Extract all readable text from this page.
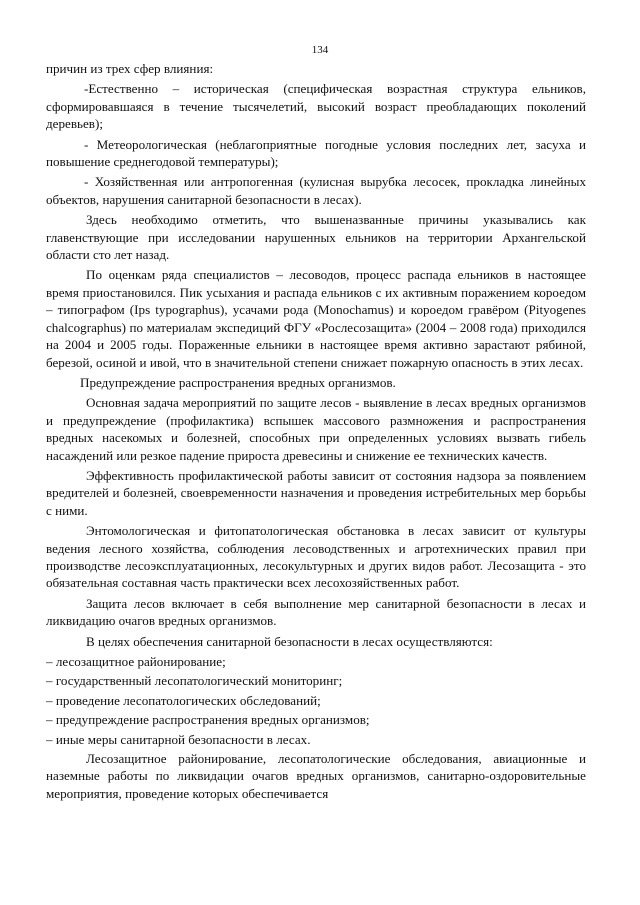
134

причин из трех сфер влияния:

-Естественно – историческая (специфическая возрастная структура ельников, сформировавшаяся в течение тысячелетий, высокий возраст преобладающих поколений деревьев);

- Метеорологическая (неблагоприятные погодные условия последних лет, засуха и повышение среднегодовой температуры);

- Хозяйственная или антропогенная (кулисная вырубка лесосек, прокладка линейных объектов, нарушения санитарной безопасности в лесах).

Здесь необходимо отметить, что вышеназванные причины указывались как главенствующие при исследовании нарушенных ельников на территории Архангельской области сто лет назад.

По оценкам ряда специалистов – лесоводов, процесс распада ельников в настоящее время приостановился. Пик усыхания и распада ельников с их активным поражением короедом – типографом (Ips typographus), усачами рода (Monochamus) и короедом гравёром (Pityogenes chalcographus) по материалам экспедиций ФГУ «Рослесозащита» (2004 – 2008 года) приходился на 2004 и 2005 годы. Пораженные ельники в настоящее время активно зарастают рябиной, березой, осиной и ивой, что в значительной степени снижает пожарную опасность в этих лесах.

Предупреждение распространения вредных организмов.

Основная задача мероприятий по защите лесов - выявление в лесах вредных организмов и предупреждение (профилактика) вспышек массового размножения и распространения вредных насекомых и болезней, способных при определенных условиях вызвать гибель насаждений или резкое падение прироста древесины и снижение ее технических качеств.

Эффективность профилактической работы зависит от состояния надзора за появлением вредителей и болезней, своевременности назначения и проведения истребительных мер борьбы с ними.

Энтомологическая и фитопатологическая обстановка в лесах зависит от культуры ведения лесного хозяйства, соблюдения лесоводственных и агротехнических правил при производстве лесоэксплуатационных, лесокультурных и других видов работ. Лесозащита - это обязательная составная часть практически всех лесохозяйственных работ.

Защита лесов включает в себя выполнение мер санитарной безопасности в лесах и ликвидацию очагов вредных организмов.

В целях обеспечения санитарной безопасности в лесах осуществляются:

– лесозащитное районирование;

– государственный лесопатологический мониторинг;

– проведение лесопатологических обследований;

– предупреждение распространения вредных организмов;

– иные меры санитарной безопасности в лесах.

Лесозащитное районирование, лесопатологические обследования, авиационные и наземные работы по ликвидации очагов вредных организмов, санитарно-оздоровительные мероприятия, проведение которых обеспечивается
